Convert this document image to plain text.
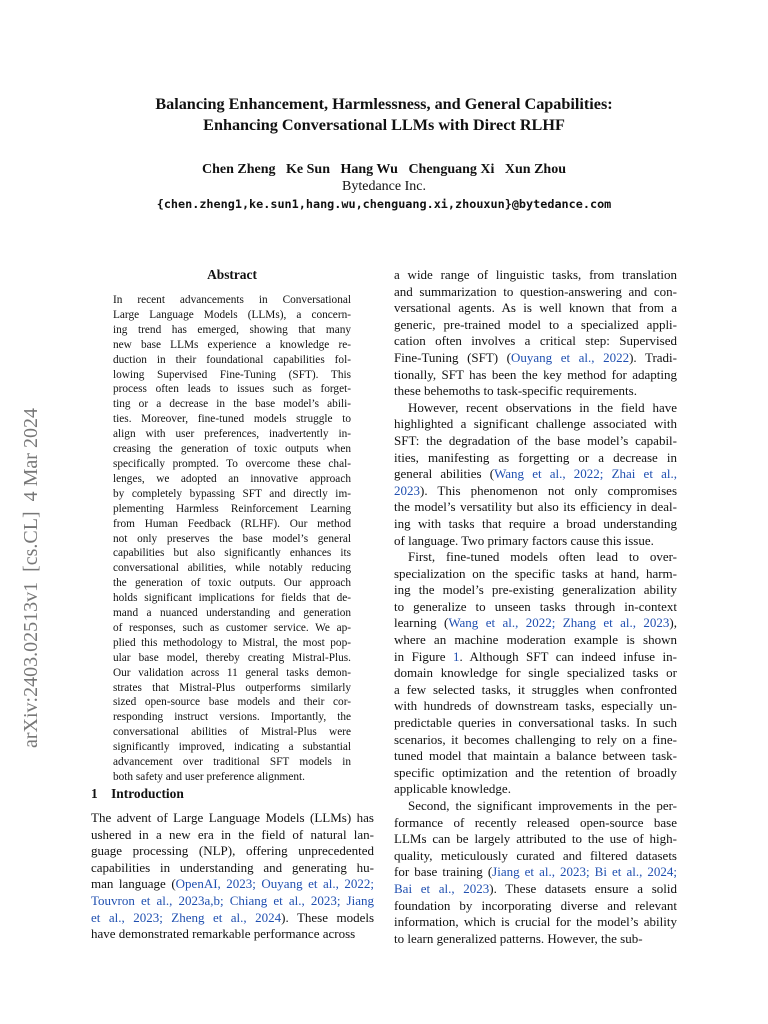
arXiv:2403.02513v1  [cs.CL]  4 Mar 2024
Balancing Enhancement, Harmlessness, and General Capabilities:
Enhancing Conversational LLMs with Direct RLHF
Chen Zheng   Ke Sun   Hang Wu   Chenguang Xi   Xun Zhou
Bytedance Inc.
{chen.zheng1,ke.sun1,hang.wu,chenguang.xi,zhouxun}@bytedance.com
Abstract
In recent advancements in Conversational
Large Language Models (LLMs), a concern-
ing trend has emerged, showing that many
new base LLMs experience a knowledge re-
duction in their foundational capabilities fol-
lowing Supervised Fine-Tuning (SFT). This
process often leads to issues such as forget-
ting or a decrease in the base model’s abili-
ties. Moreover, fine-tuned models struggle to
align with user preferences, inadvertently in-
creasing the generation of toxic outputs when
specifically prompted. To overcome these chal-
lenges, we adopted an innovative approach
by completely bypassing SFT and directly im-
plementing Harmless Reinforcement Learning
from Human Feedback (RLHF). Our method
not only preserves the base model’s general
capabilities but also significantly enhances its
conversational abilities, while notably reducing
the generation of toxic outputs. Our approach
holds significant implications for fields that de-
mand a nuanced understanding and generation
of responses, such as customer service. We ap-
plied this methodology to Mistral, the most pop-
ular base model, thereby creating Mistral-Plus.
Our validation across 11 general tasks demon-
strates that Mistral-Plus outperforms similarly
sized open-source base models and their cor-
responding instruct versions. Importantly, the
conversational abilities of Mistral-Plus were
significantly improved, indicating a substantial
advancement over traditional SFT models in
both safety and user preference alignment.
1 Introduction
The advent of Large Language Models (LLMs) has
ushered in a new era in the field of natural lan-
guage processing (NLP), offering unprecedented
capabilities in understanding and generating hu-
man language (OpenAI, 2023; Ouyang et al., 2022;
Touvron et al., 2023a,b; Chiang et al., 2023; Jiang
et al., 2023; Zheng et al., 2024). These models
have demonstrated remarkable performance across
a wide range of linguistic tasks, from translation
and summarization to question-answering and con-
versational agents. As is well known that from a
generic, pre-trained model to a specialized appli-
cation often involves a critical step: Supervised
Fine-Tuning (SFT) (Ouyang et al., 2022). Tradi-
tionally, SFT has been the key method for adapting
these behemoths to task-specific requirements.
However, recent observations in the field have
highlighted a significant challenge associated with
SFT: the degradation of the base model’s capabil-
ities, manifesting as forgetting or a decrease in
general abilities (Wang et al., 2022; Zhai et al.,
2023). This phenomenon not only compromises
the model’s versatility but also its efficiency in deal-
ing with tasks that require a broad understanding
of language. Two primary factors cause this issue.
First, fine-tuned models often lead to over-
specialization on the specific tasks at hand, harm-
ing the model’s pre-existing generalization ability
to generalize to unseen tasks through in-context
learning (Wang et al., 2022; Zhang et al., 2023),
where an machine moderation example is shown
in Figure 1. Although SFT can indeed infuse in-
domain knowledge for single specialized tasks or
a few selected tasks, it struggles when confronted
with hundreds of downstream tasks, especially un-
predictable queries in conversational tasks. In such
scenarios, it becomes challenging to rely on a fine-
tuned model that maintain a balance between task-
specific optimization and the retention of broadly
applicable knowledge.
Second, the significant improvements in the per-
formance of recently released open-source base
LLMs can be largely attributed to the use of high-
quality, meticulously curated and filtered datasets
for base training (Jiang et al., 2023; Bi et al., 2024;
Bai et al., 2023). These datasets ensure a solid
foundation by incorporating diverse and relevant
information, which is crucial for the model’s ability
to learn generalized patterns. However, the sub-
